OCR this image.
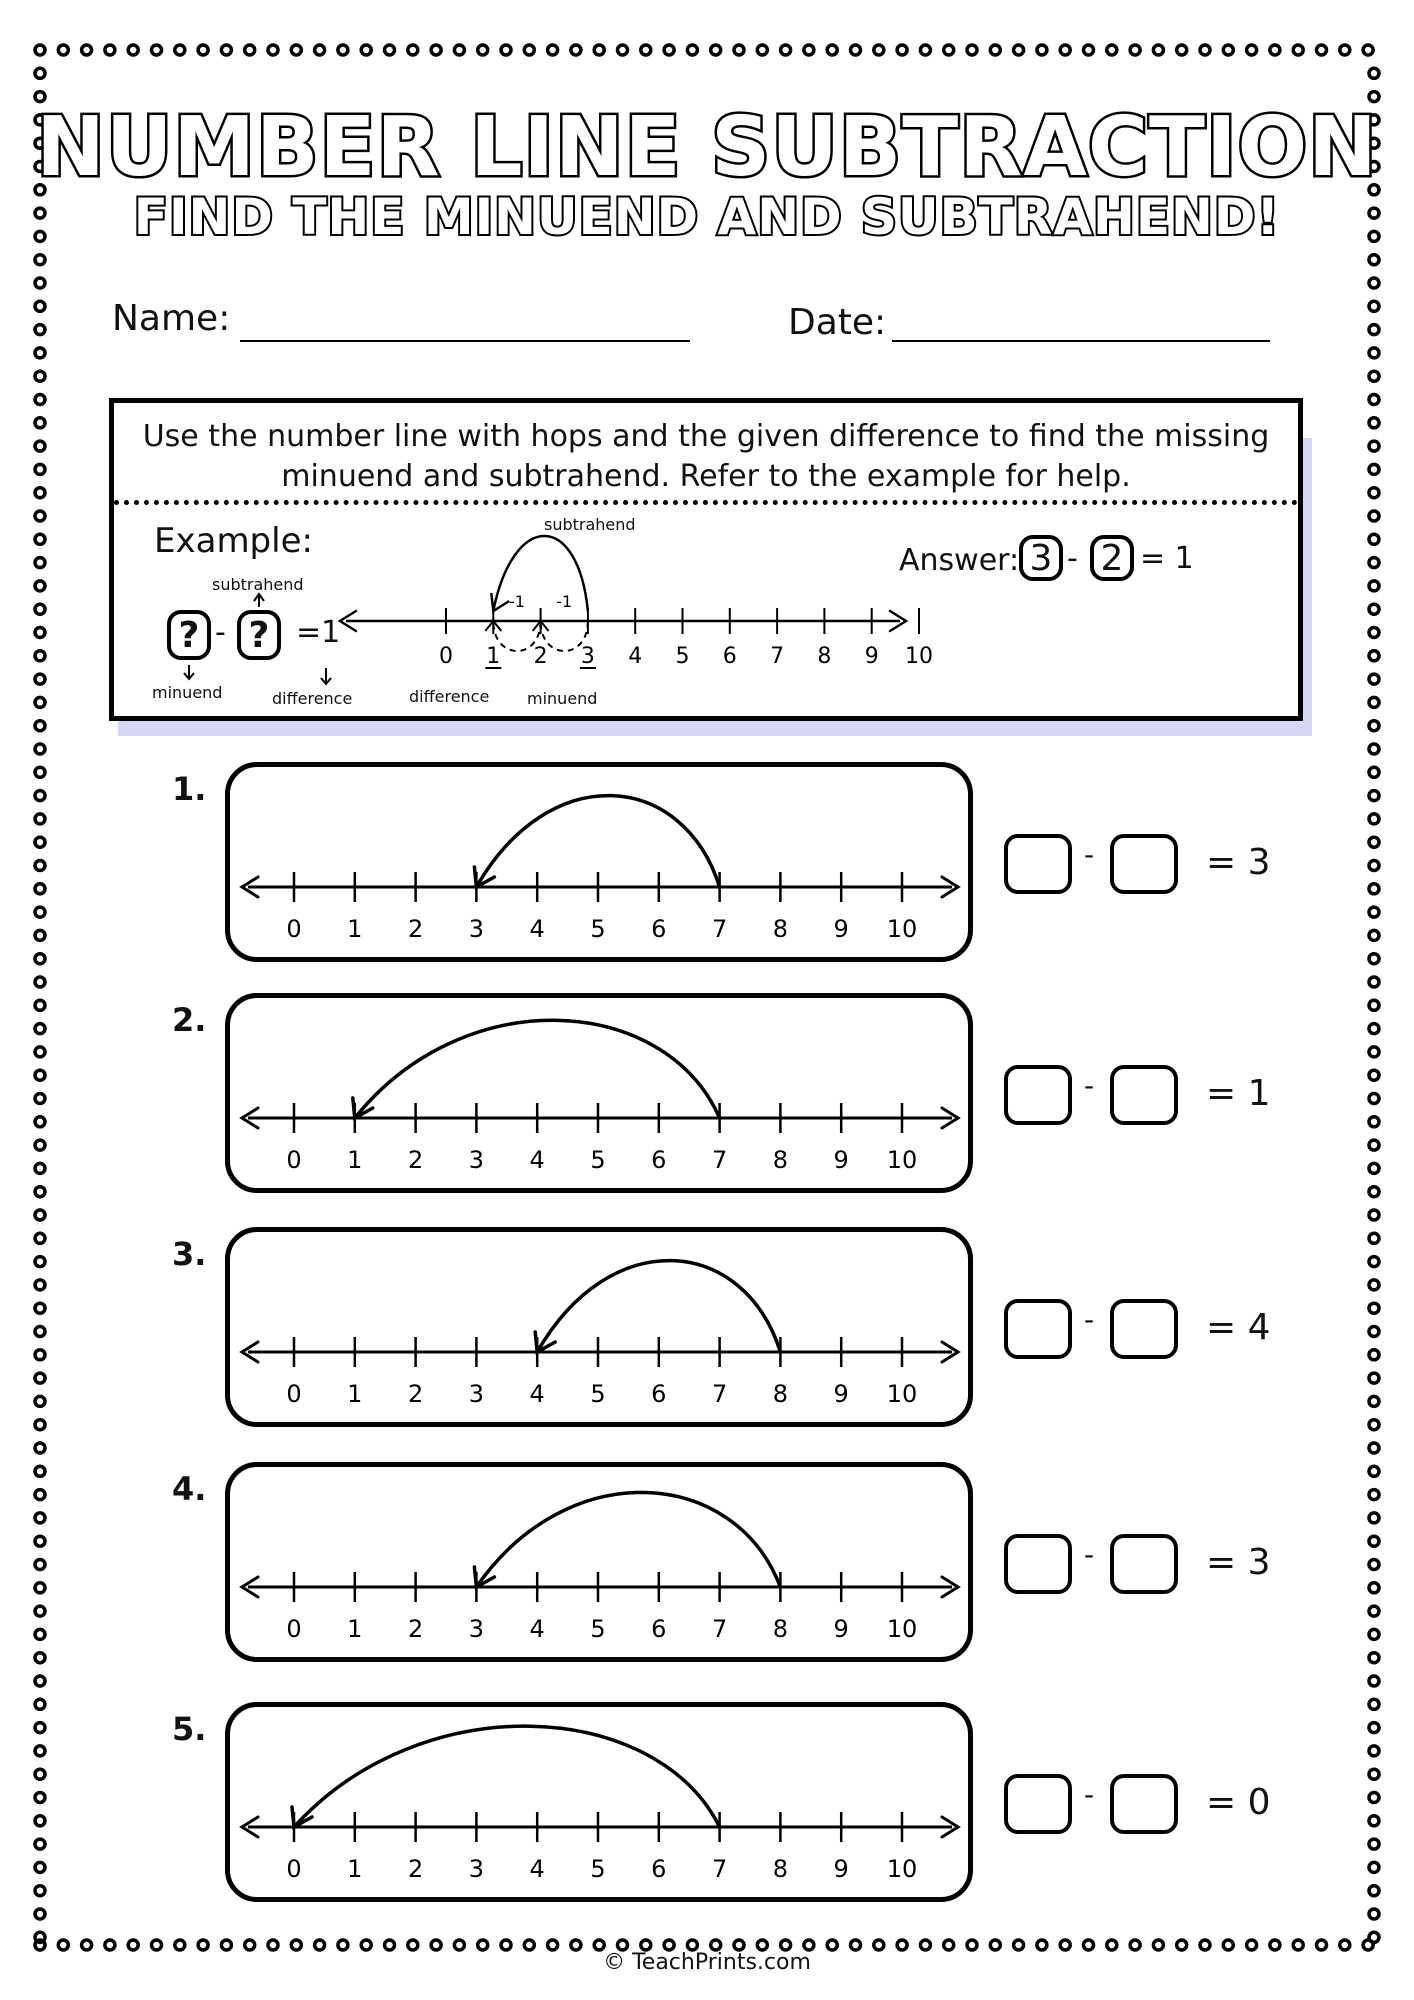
NUMBER LINE SUBTRACTION
FIND THE MINUEND AND SUBTRAHEND!
Name:	Date:
Use the number line with hops and the given difference to find the missing minuend and subtrahend. Refer to the example for help.
Example:
subtrahend
? - ? =1
minuend	difference	difference minuend
subtrahend
Answer: 3 - 2 = 1
0 1 2 3 4 5 6 7 8 9 10
-1
-1
1.
0 1 2 3 4 5 6 7 8 9 10
-	= 3
2.
0 1 2 3 4 5 6 7 8 9 10
-	= 1
3.
0 1 2 3 4 5 6 7 8 9 10
-	= 4
4.
0 1 2 3 4 5 6 7 8 9 10
-	= 3
5.
0 1 2 3 4 5 6 7 8 9 10
-	= 0
© TeachPrints.com
